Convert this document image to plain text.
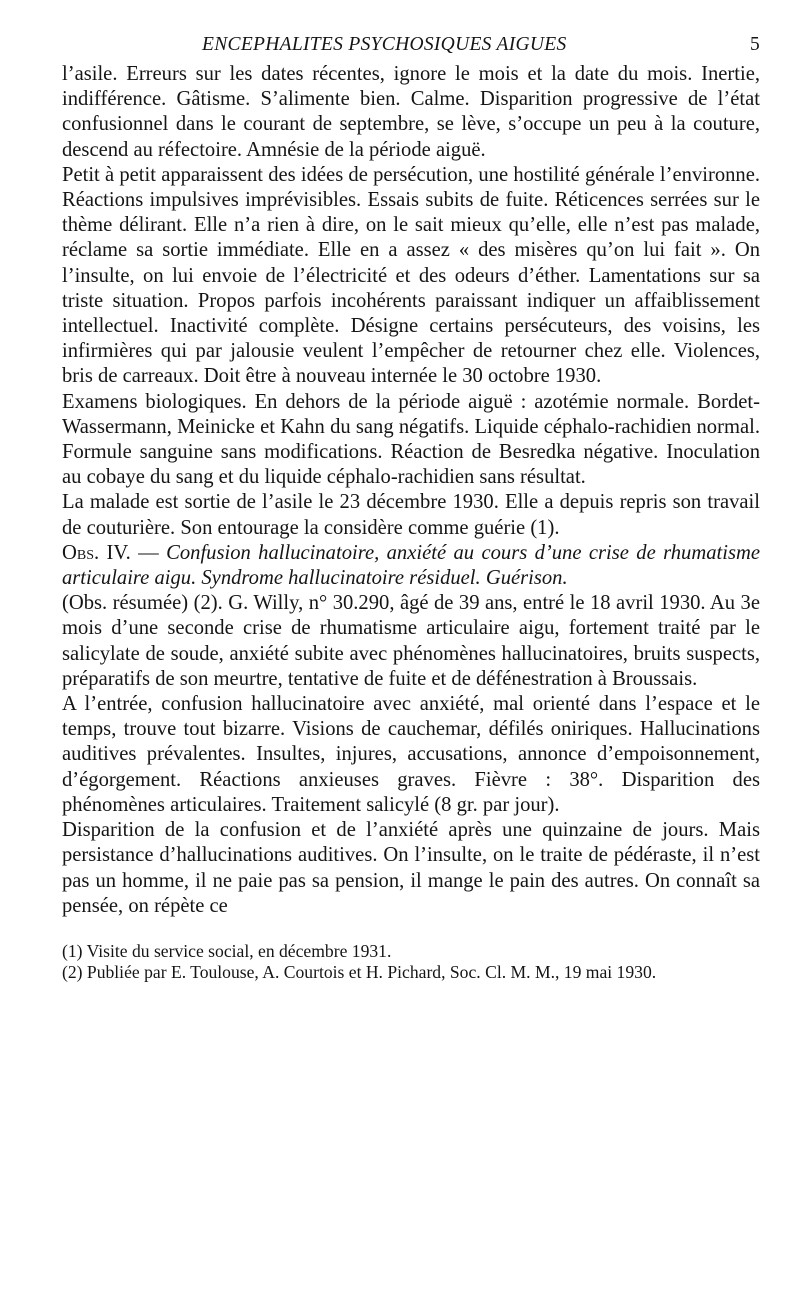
ENCEPHALITES PSYCHOSIQUES AIGUES	5

l’asile. Erreurs sur les dates récentes, ignore le mois et la date du mois. Inertie, indifférence. Gâtisme. S’alimente bien. Calme. Disparition progressive de l’état confusionnel dans le courant de septembre, se lève, s’occupe un peu à la couture, descend au réfectoire. Amnésie de la période aiguë.

Petit à petit apparaissent des idées de persécution, une hostilité générale l’environne. Réactions impulsives imprévisibles. Essais subits de fuite. Réticences serrées sur le thème délirant. Elle n’a rien à dire, on le sait mieux qu’elle, elle n’est pas malade, réclame sa sortie immédiate. Elle en a assez « des misères qu’on lui fait ». On l’insulte, on lui envoie de l’électricité et des odeurs d’éther. Lamentations sur sa triste situation. Propos parfois incohérents paraissant indiquer un affaiblissement intellectuel. Inactivité complète. Désigne certains persécuteurs, des voisins, les infirmières qui par jalousie veulent l’empêcher de retourner chez elle. Violences, bris de carreaux. Doit être à nouveau internée le 30 octobre 1930.

Examens biologiques. En dehors de la période aiguë : azotémie normale. Bordet-Wassermann, Meinicke et Kahn du sang négatifs. Liquide céphalo-rachidien normal. Formule sanguine sans modifications. Réaction de Besredka négative. Inoculation au cobaye du sang et du liquide céphalo-rachidien sans résultat.

La malade est sortie de l’asile le 23 décembre 1930. Elle a depuis repris son travail de couturière. Son entourage la considère comme guérie (1).

Obs. IV. — Confusion hallucinatoire, anxiété au cours d’une crise de rhumatisme articulaire aigu. Syndrome hallucinatoire résiduel. Guérison.

(Obs. résumée) (2). G. Willy, n° 30.290, âgé de 39 ans, entré le 18 avril 1930. Au 3e mois d’une seconde crise de rhumatisme articulaire aigu, fortement traité par le salicylate de soude, anxiété subite avec phénomènes hallucinatoires, bruits suspects, préparatifs de son meurtre, tentative de fuite et de défénestration à Broussais.

A l’entrée, confusion hallucinatoire avec anxiété, mal orienté dans l’espace et le temps, trouve tout bizarre. Visions de cauchemar, défilés oniriques. Hallucinations auditives prévalentes. Insultes, injures, accusations, annonce d’empoisonnement, d’égorgement. Réactions anxieuses graves. Fièvre : 38°. Disparition des phénomènes articulaires. Traitement salicylé (8 gr. par jour).

Disparition de la confusion et de l’anxiété après une quinzaine de jours. Mais persistance d’hallucinations auditives. On l’insulte, on le traite de pédéraste, il n’est pas un homme, il ne paie pas sa pension, il mange le pain des autres. On connaît sa pensée, on répète ce

(1) Visite du service social, en décembre 1931.

(2) Publiée par E. Toulouse, A. Courtois et H. Pichard, Soc. Cl. M. M., 19 mai 1930.
